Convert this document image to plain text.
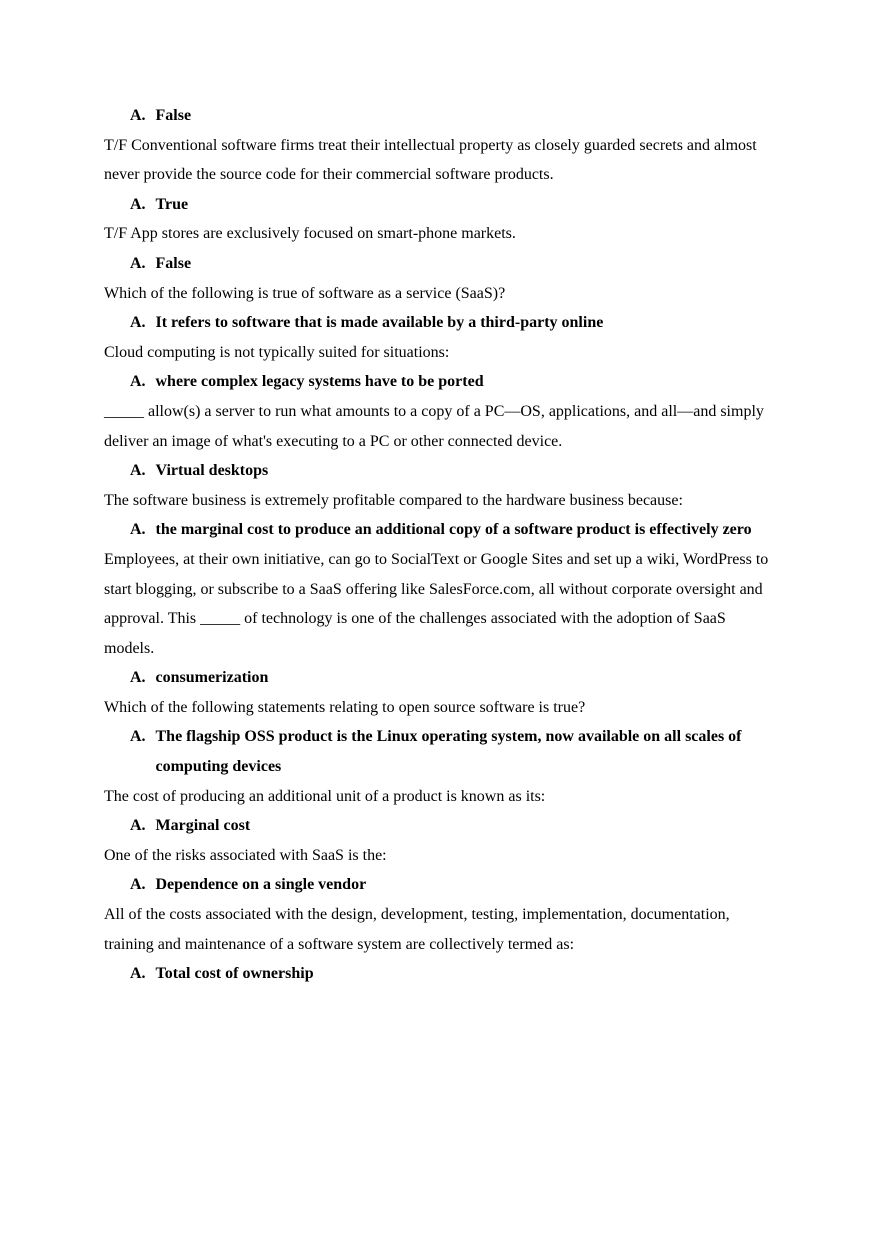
A. False

T/F Conventional software firms treat their intellectual property as closely guarded secrets and almost never provide the source code for their commercial software products.

A. True

T/F App stores are exclusively focused on smart-phone markets.

A. False

Which of the following is true of software as a service (SaaS)?

A. It refers to software that is made available by a third-party online

Cloud computing is not typically suited for situations:

A. where complex legacy systems have to be ported

_____ allow(s) a server to run what amounts to a copy of a PC—OS, applications, and all—and simply deliver an image of what's executing to a PC or other connected device.

A. Virtual desktops

The software business is extremely profitable compared to the hardware business because:

A. the marginal cost to produce an additional copy of a software product is effectively zero

Employees, at their own initiative, can go to SocialText or Google Sites and set up a wiki, WordPress to start blogging, or subscribe to a SaaS offering like SalesForce.com, all without corporate oversight and approval. This _____ of technology is one of the challenges associated with the adoption of SaaS models.

A. consumerization

Which of the following statements relating to open source software is true?

A. The flagship OSS product is the Linux operating system, now available on all scales of computing devices

The cost of producing an additional unit of a product is known as its:

A. Marginal cost

One of the risks associated with SaaS is the:

A. Dependence on a single vendor

All of the costs associated with the design, development, testing, implementation, documentation, training and maintenance of a software system are collectively termed as:

A. Total cost of ownership
